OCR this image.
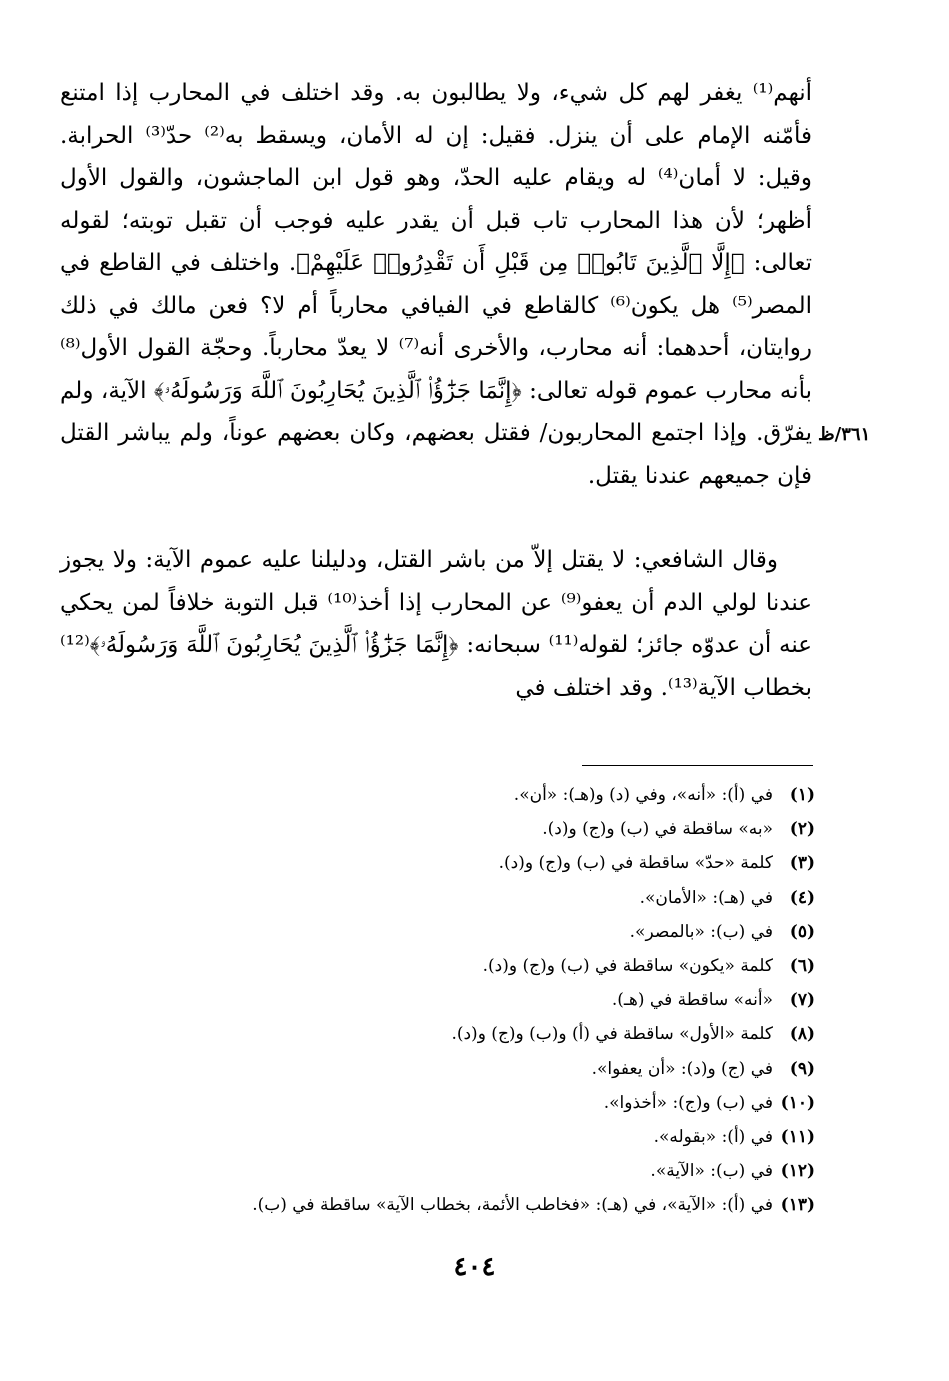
أنهم⁽¹⁾ يغفر لهم كل شيء، ولا يطالبون به. وقد اختلف في المحارب إذا امتنع فأمّنه الإمام على أن ينزل. فقيل: إن له الأمان، ويسقط به⁽²⁾ حدّ⁽³⁾ الحرابة. وقيل: لا أمان⁽⁴⁾ له ويقام عليه الحدّ، وهو قول ابن الماجشون، والقول الأول أظهر؛ لأن هذا المحارب تاب قبل أن يقدر عليه فوجب أن تقبل توبته؛ لقوله تعالى: ﴿إِلَّا ٱلَّذِينَ تَابُوا۟ مِن قَبْلِ أَن تَقْدِرُوا۟ عَلَيْهِمْ﴾. واختلف في القاطع في المصر⁽⁵⁾ هل يكون⁽⁶⁾ كالقاطع في الفيافي محارباً أم لا؟ فعن مالك في ذلك روايتان، أحدهما: أنه محارب، والأخرى أنه⁽⁷⁾ لا يعدّ محارباً. وحجّة القول الأول⁽⁸⁾ بأنه محارب عموم قوله تعالى: ﴿إِنَّمَا جَزَٰٓؤُا۟ ٱلَّذِينَ يُحَارِبُونَ ٱللَّهَ وَرَسُولَهُۥ﴾ الآية، ولم يفرّق. وإذا اجتمع المحاربون/ فقتل بعضهم، وكان بعضهم عوناً، ولم يباشر القتل فإن جميعهم عندنا يقتل.

وقال الشافعي: لا يقتل إلاّ من باشر القتل، ودليلنا عليه عموم الآية: ولا يجوز عندنا لولي الدم أن يعفو⁽⁹⁾ عن المحارب إذا أخذ⁽¹⁰⁾ قبل التوبة خلافاً لمن يحكي عنه أن عدوّه جائز؛ لقوله⁽¹¹⁾ سبحانه: ﴿إِنَّمَا جَزَٰٓؤُا۟ ٱلَّذِينَ يُحَارِبُونَ ٱللَّهَ وَرَسُولَهُۥ﴾⁽¹²⁾ بخطاب الآية⁽¹³⁾. وقد اختلف في

٣٦١/ظ
(١)
في (أ): «أنه»، وفي (د) و(هـ): «أن».
(٢)
«به» ساقطة في (ب) و(ج) و(د).
(٣)
كلمة «حدّ» ساقطة في (ب) و(ج) و(د).
(٤)
في (هـ): «الأمان».
(٥)
في (ب): «بالمصر».
(٦)
كلمة «يكون» ساقطة في (ب) و(ج) و(د).
(٧)
«أنه» ساقطة في (هـ).
(٨)
كلمة «الأول» ساقطة في (أ) و(ب) و(ج) و(د).
(٩)
في (ج) و(د): «أن يعفوا».
(١٠)
في (ب) و(ج): «أخذوا».
(١١)
في (أ): «بقوله».
(١٢)
في (ب): «الآية».
(١٣)
في (أ): «الآية»، في (هـ): «فخاطب الأئمة، بخطاب الآية» ساقطة في (ب).
٤٠٤
